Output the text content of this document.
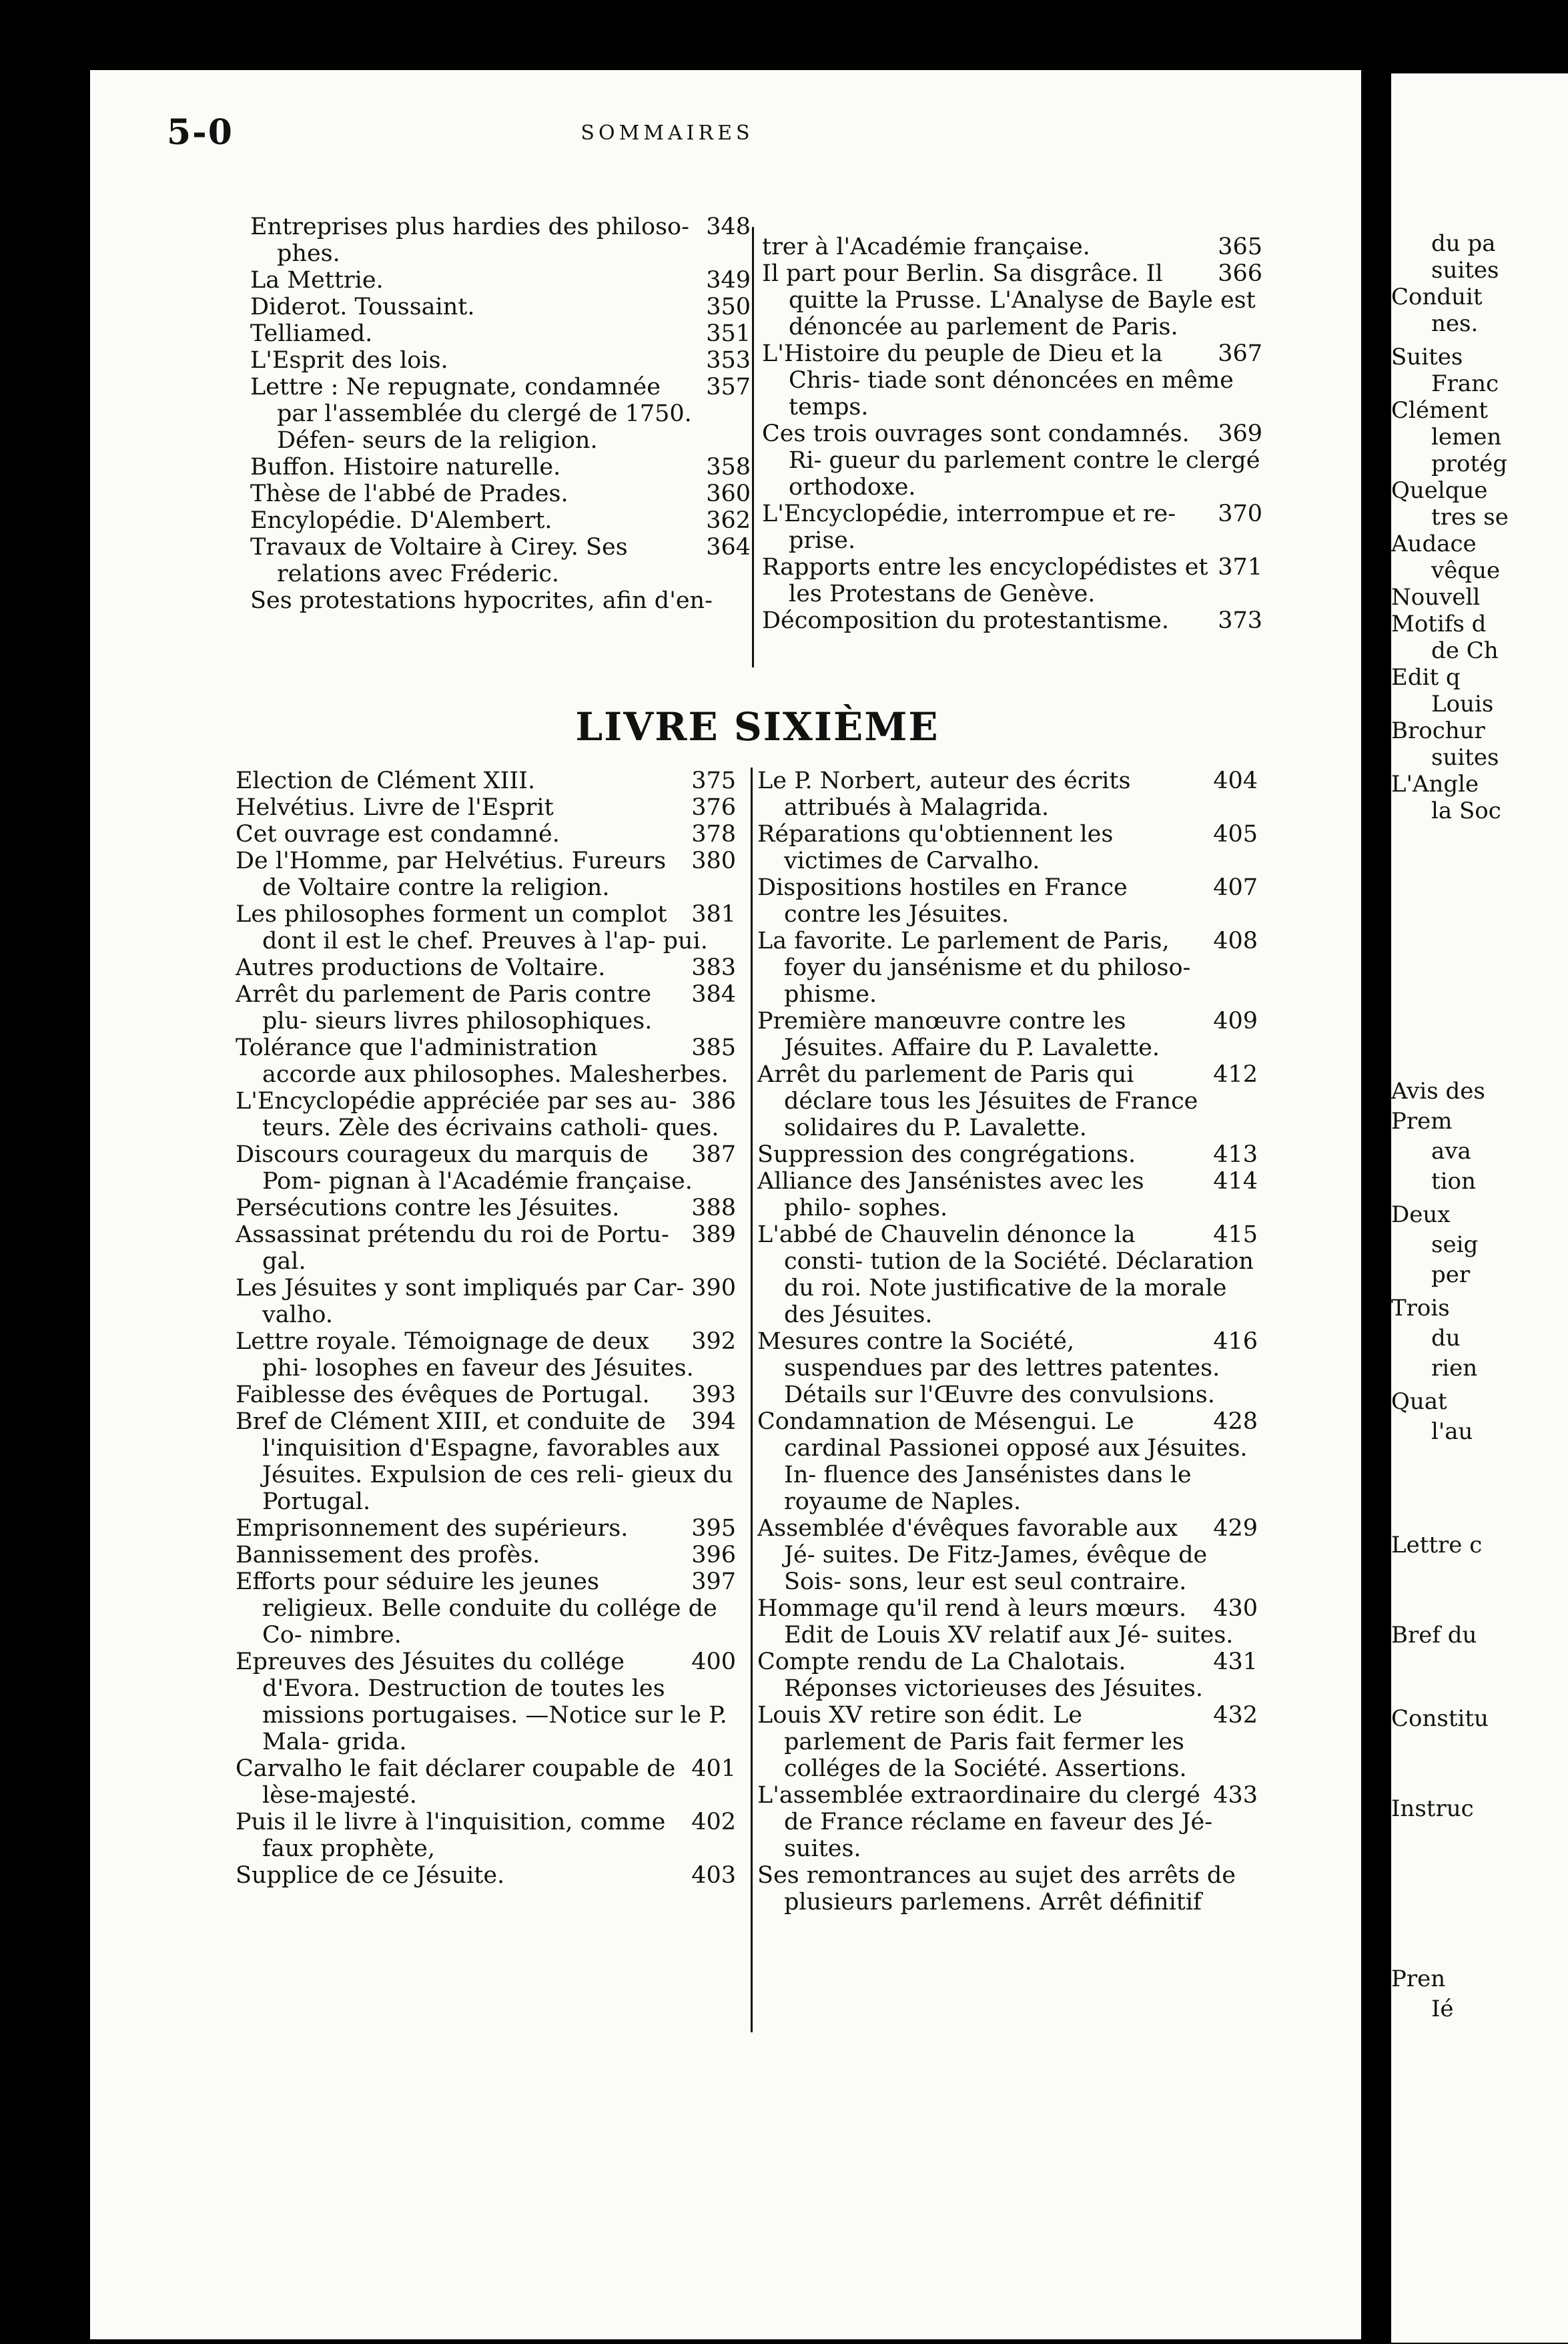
du pa
suites
Conduit
nes.
Suites
Franc
Clément
lemen
protég
Quelque
tres se
Audace
vêque
Nouvell
Motifs d
de Ch
Edit q
Louis
Brochur
suites
L'Angle
la Soc
Avis des
Prem
ava
tion
Deux
seig
per
Trois
du
rien
Quat
l'au
Lettre c
Bref du
Constitu
Instruc
Pren
Ié
5-0	SOMMAIRES
348
Entreprises plus hardies des philoso- phes.
349
La Mettrie.
350
Diderot. Toussaint.
351
Telliamed.
353
L'Esprit des lois.
357
Lettre : Ne repugnate, condamnée par l'assemblée du clergé de 1750. Défen- seurs de la religion.
358
Buffon. Histoire naturelle.
360
Thèse de l'abbé de Prades.
362
Encylopédie. D'Alembert.
364
Travaux de Voltaire à Cirey. Ses relations avec Fréderic.
Ses protestations hypocrites, afin d'en-
365
trer à l'Académie française.
366
Il part pour Berlin. Sa disgrâce. Il quitte la Prusse. L'Analyse de Bayle est dénoncée au parlement de Paris.
367
L'Histoire du peuple de Dieu et la Chris- tiade sont dénoncées en même temps.
369
Ces trois ouvrages sont condamnés. Ri- gueur du parlement contre le clergé orthodoxe.
370
L'Encyclopédie, interrompue et re- prise.
371
Rapports entre les encyclopédistes et les Protestans de Genève.
373
Décomposition du protestantisme.
LIVRE SIXIÈME
375
Election de Clément XIII.
376
Helvétius. Livre de l'Esprit
378
Cet ouvrage est condamné.
380
De l'Homme, par Helvétius. Fureurs de Voltaire contre la religion.
381
Les philosophes forment un complot dont il est le chef. Preuves à l'ap- pui.
383
Autres productions de Voltaire.
384
Arrêt du parlement de Paris contre plu- sieurs livres philosophiques.
385
Tolérance que l'administration accorde aux philosophes. Malesherbes.
386
L'Encyclopédie appréciée par ses au- teurs. Zèle des écrivains catholi- ques.
387
Discours courageux du marquis de Pom- pignan à l'Académie française.
388
Persécutions contre les Jésuites.
389
Assassinat prétendu du roi de Portu- gal.
390
Les Jésuites y sont impliqués par Car- valho.
392
Lettre royale. Témoignage de deux phi- losophes en faveur des Jésuites.
393
Faiblesse des évêques de Portugal.
394
Bref de Clément XIII, et conduite de l'inquisition d'Espagne, favorables aux Jésuites. Expulsion de ces reli- gieux du Portugal.
395
Emprisonnement des supérieurs.
396
Bannissement des profès.
397
Efforts pour séduire les jeunes religieux. Belle conduite du collége de Co- nimbre.
400
Epreuves des Jésuites du collége d'Evora. Destruction de toutes les missions portugaises. —Notice sur le P. Mala- grida.
401
Carvalho le fait déclarer coupable de lèse-majesté.
402
Puis il le livre à l'inquisition, comme faux prophète,
403
Supplice de ce Jésuite.
404
Le P. Norbert, auteur des écrits attribués à Malagrida.
405
Réparations qu'obtiennent les victimes de Carvalho.
407
Dispositions hostiles en France contre les Jésuites.
408
La favorite. Le parlement de Paris, foyer du jansénisme et du philoso- phisme.
409
Première manœuvre contre les Jésuites. Affaire du P. Lavalette.
412
Arrêt du parlement de Paris qui déclare tous les Jésuites de France solidaires du P. Lavalette.
413
Suppression des congrégations.
414
Alliance des Jansénistes avec les philo- sophes.
415
L'abbé de Chauvelin dénonce la consti- tution de la Société. Déclaration du roi. Note justificative de la morale des Jésuites.
416
Mesures contre la Société, suspendues par des lettres patentes. Détails sur l'Œuvre des convulsions.
428
Condamnation de Mésengui. Le cardinal Passionei opposé aux Jésuites. In- fluence des Jansénistes dans le royaume de Naples.
429
Assemblée d'évêques favorable aux Jé- suites. De Fitz-James, évêque de Sois- sons, leur est seul contraire.
430
Hommage qu'il rend à leurs mœurs. Edit de Louis XV relatif aux Jé- suites.
431
Compte rendu de La Chalotais. Réponses victorieuses des Jésuites.
432
Louis XV retire son édit. Le parlement de Paris fait fermer les colléges de la Société. Assertions.
433
L'assemblée extraordinaire du clergé de France réclame en faveur des Jé- suites.
Ses remontrances au sujet des arrêts de plusieurs parlemens. Arrêt définitif
